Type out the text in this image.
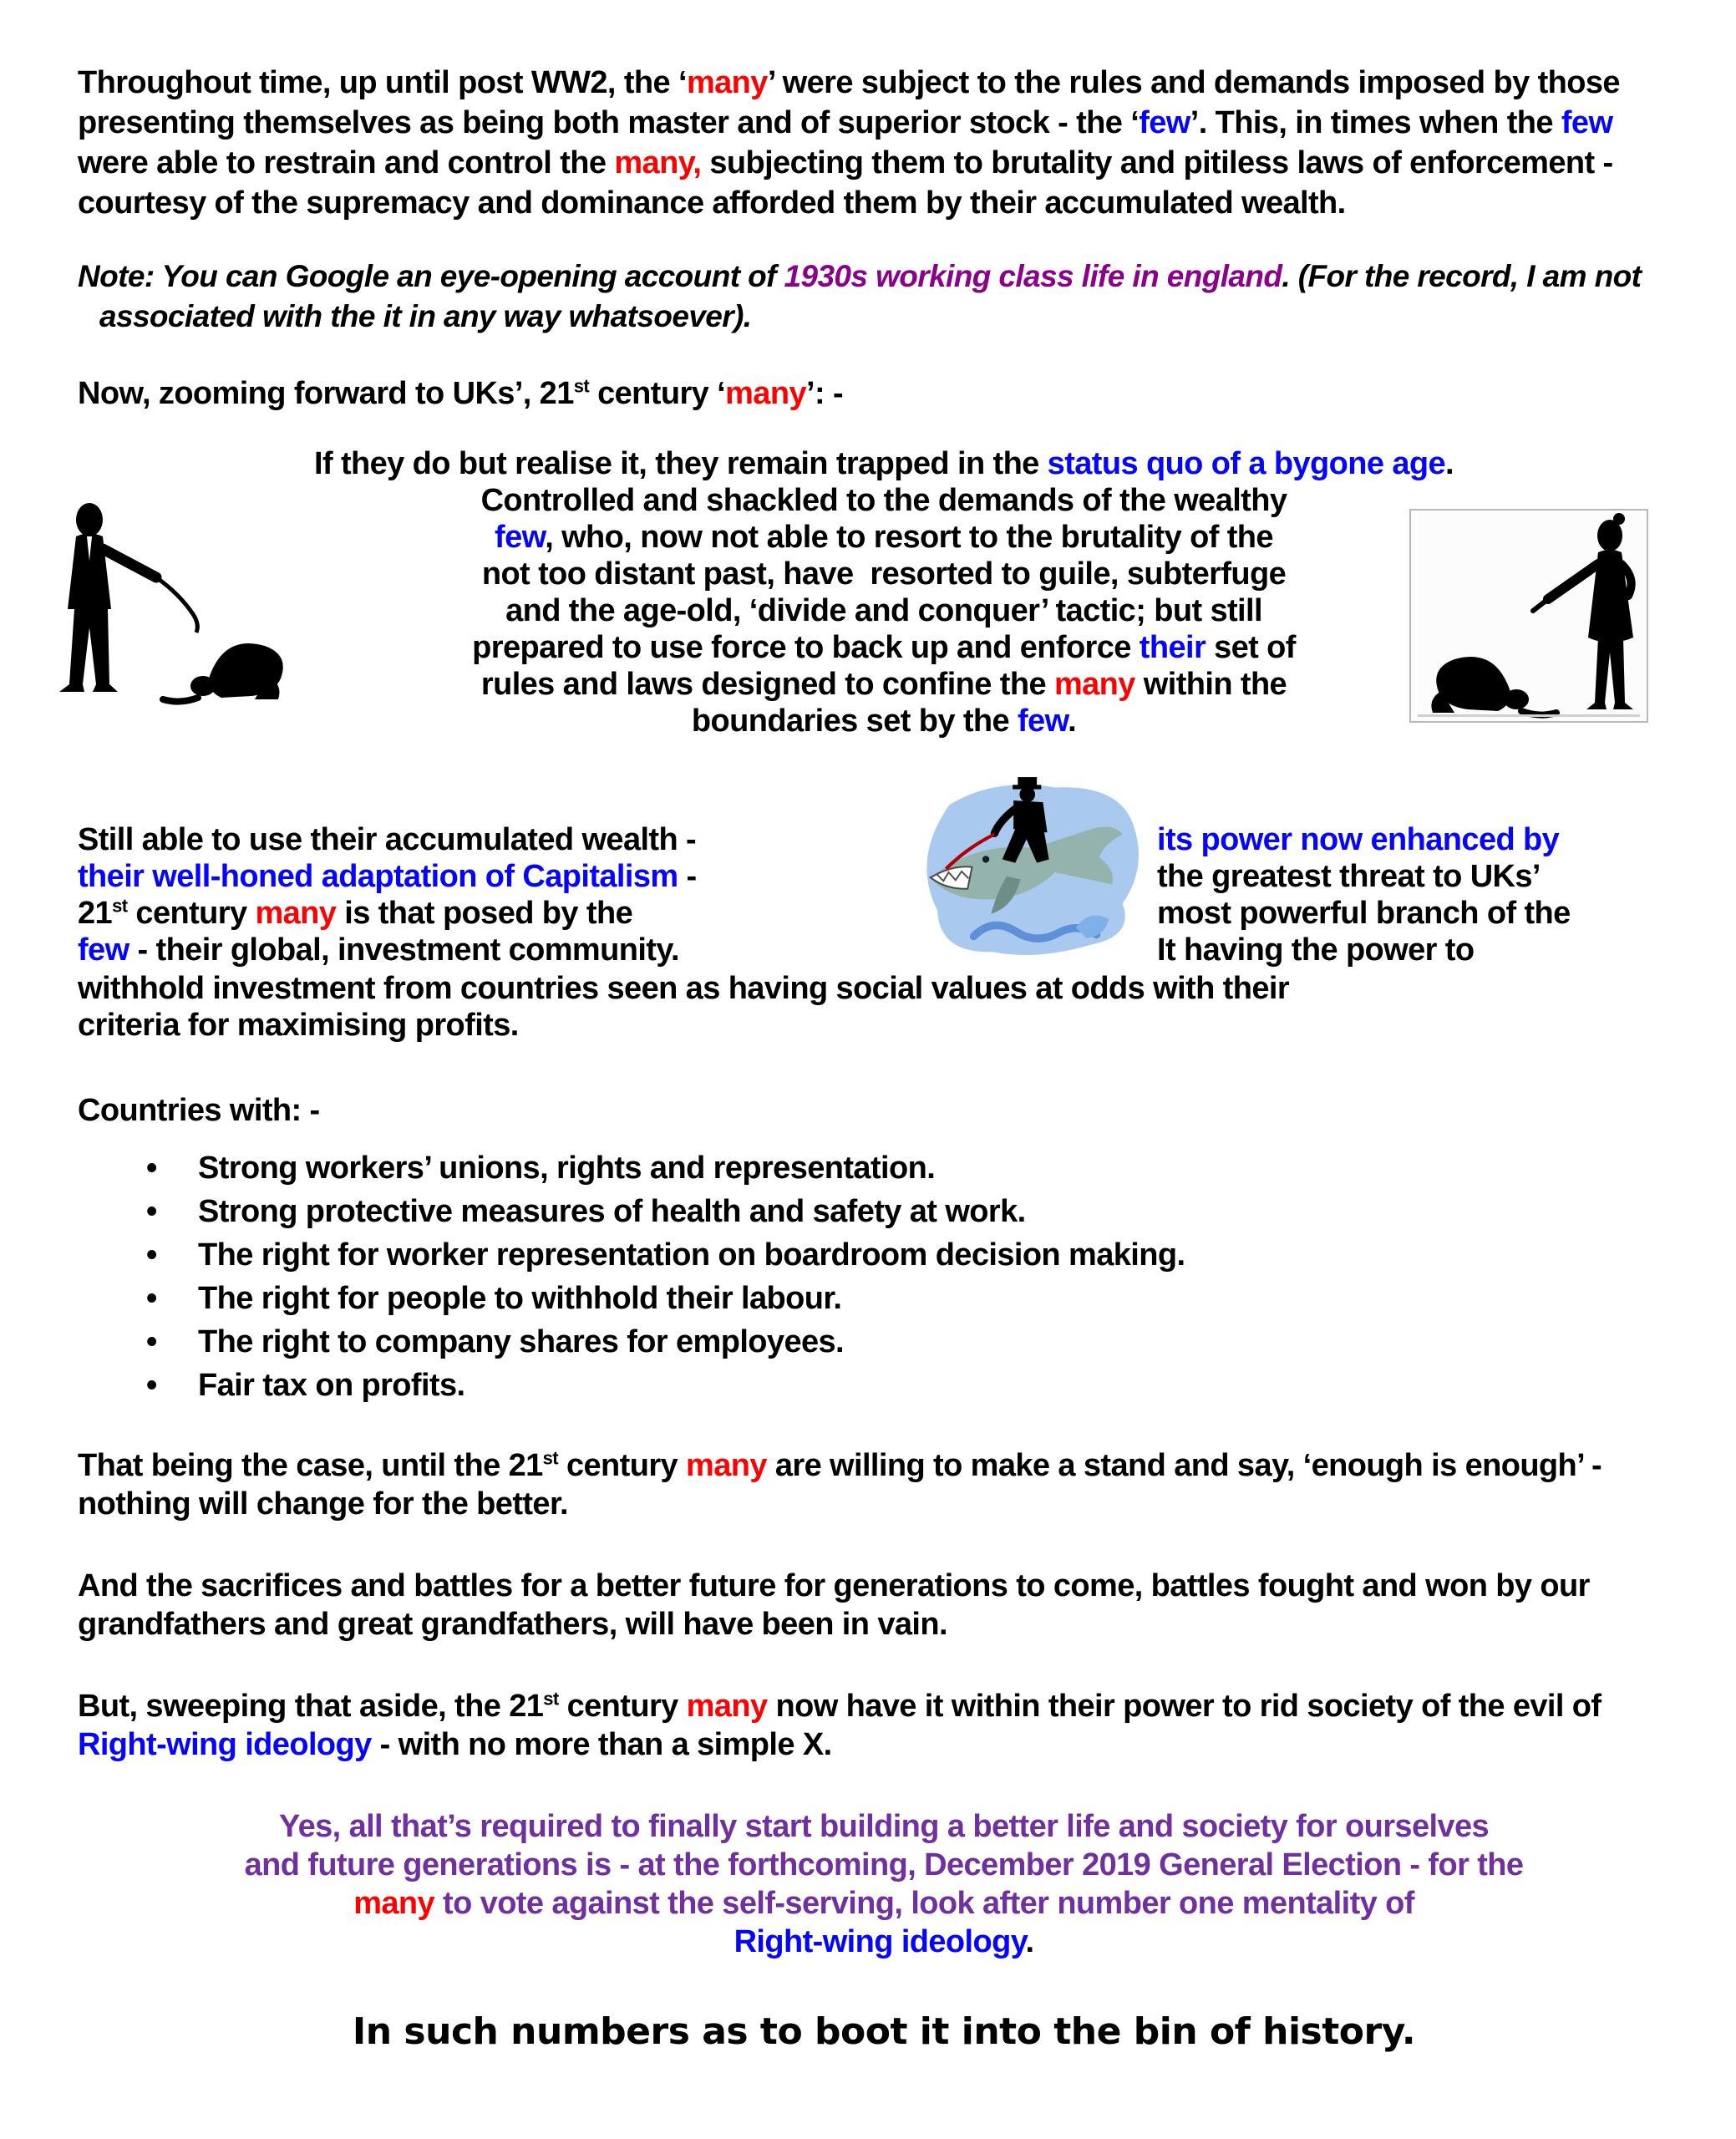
Throughout time, up until post WW2, the ‘many’ were subject to the rules and demands imposed by those presenting themselves as being both master and of superior stock - the ‘few’. This, in times when the few were able to restrain and control the many, subjecting them to brutality and pitiless laws of enforcement - courtesy of the supremacy and dominance afforded them by their accumulated wealth.

Note: You can Google an eye-opening account of 1930s working class life in england. (For the record, I am not associated with the it in any way whatsoever).

Now, zooming forward to UKs’, 21st century ‘many’: -

If they do but realise it, they remain trapped in the status quo of a bygone age.
Controlled and shackled to the demands of the wealthy
few, who, now not able to resort to the brutality of the
not too distant past, have  resorted to guile, subterfuge
and the age-old, ‘divide and conquer’ tactic; but still
prepared to use force to back up and enforce their set of
rules and laws designed to confine the many within the
boundaries set by the few.
Still able to use their accumulated wealth -
their well-honed adaptation of Capitalism -
21st century many is that posed by the
few - their global, investment community.
its power now enhanced by
the greatest threat to UKs’
most powerful branch of the
It having the power to
withhold investment from countries seen as having social values at odds with their
criteria for maximising profits.

Countries with: -

• Strong workers’ unions, rights and representation.
• Strong protective measures of health and safety at work.
• The right for worker representation on boardroom decision making.
• The right for people to withhold their labour.
• The right to company shares for employees.
• Fair tax on profits.

That being the case, until the 21st century many are willing to make a stand and say, ‘enough is enough’ - nothing will change for the better.

And the sacrifices and battles for a better future for generations to come, battles fought and won by our grandfathers and great grandfathers, will have been in vain.

But, sweeping that aside, the 21st century many now have it within their power to rid society of the evil of Right-wing ideology - with no more than a simple X.

Yes, all that’s required to finally start building a better life and society for ourselves
and future generations is - at the forthcoming, December 2019 General Election - for the
many to vote against the self-serving, look after number one mentality of
Right-wing ideology.

In such numbers as to boot it into the bin of history.
